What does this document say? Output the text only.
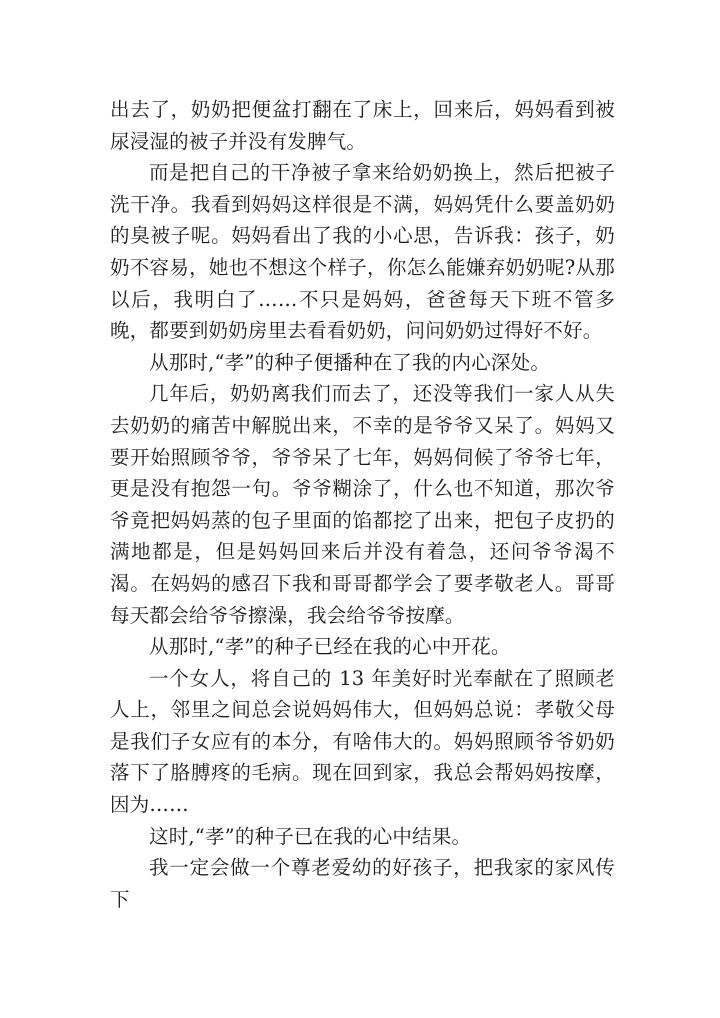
出去了，奶奶把便盆打翻在了床上，回来后，妈妈看到被尿浸湿的被子并没有发脾气。

而是把自己的干净被子拿来给奶奶换上，然后把被子洗干净。我看到妈妈这样很是不满，妈妈凭什么要盖奶奶的臭被子呢。妈妈看出了我的小心思，告诉我：孩子，奶奶不容易，她也不想这个样子，你怎么能嫌弃奶奶呢?从那以后，我明白了……不只是妈妈，爸爸每天下班不管多晚，都要到奶奶房里去看看奶奶，问问奶奶过得好不好。

从那时,“孝”的种子便播种在了我的内心深处。

几年后，奶奶离我们而去了，还没等我们一家人从失去奶奶的痛苦中解脱出来，不幸的是爷爷又呆了。妈妈又要开始照顾爷爷，爷爷呆了七年，妈妈伺候了爷爷七年，更是没有抱怨一句。爷爷糊涂了，什么也不知道，那次爷爷竟把妈妈蒸的包子里面的馅都挖了出来，把包子皮扔的满地都是，但是妈妈回来后并没有着急，还问爷爷渴不渴。在妈妈的感召下我和哥哥都学会了要孝敬老人。哥哥每天都会给爷爷擦澡，我会给爷爷按摩。

从那时,“孝”的种子已经在我的心中开花。

一个女人，将自己的 13 年美好时光奉献在了照顾老人上，邻里之间总会说妈妈伟大，但妈妈总说：孝敬父母是我们子女应有的本分，有啥伟大的。妈妈照顾爷爷奶奶落下了胳膊疼的毛病。现在回到家，我总会帮妈妈按摩，因为……

这时,“孝”的种子已在我的心中结果。

我一定会做一个尊老爱幼的好孩子，把我家的家风传下
